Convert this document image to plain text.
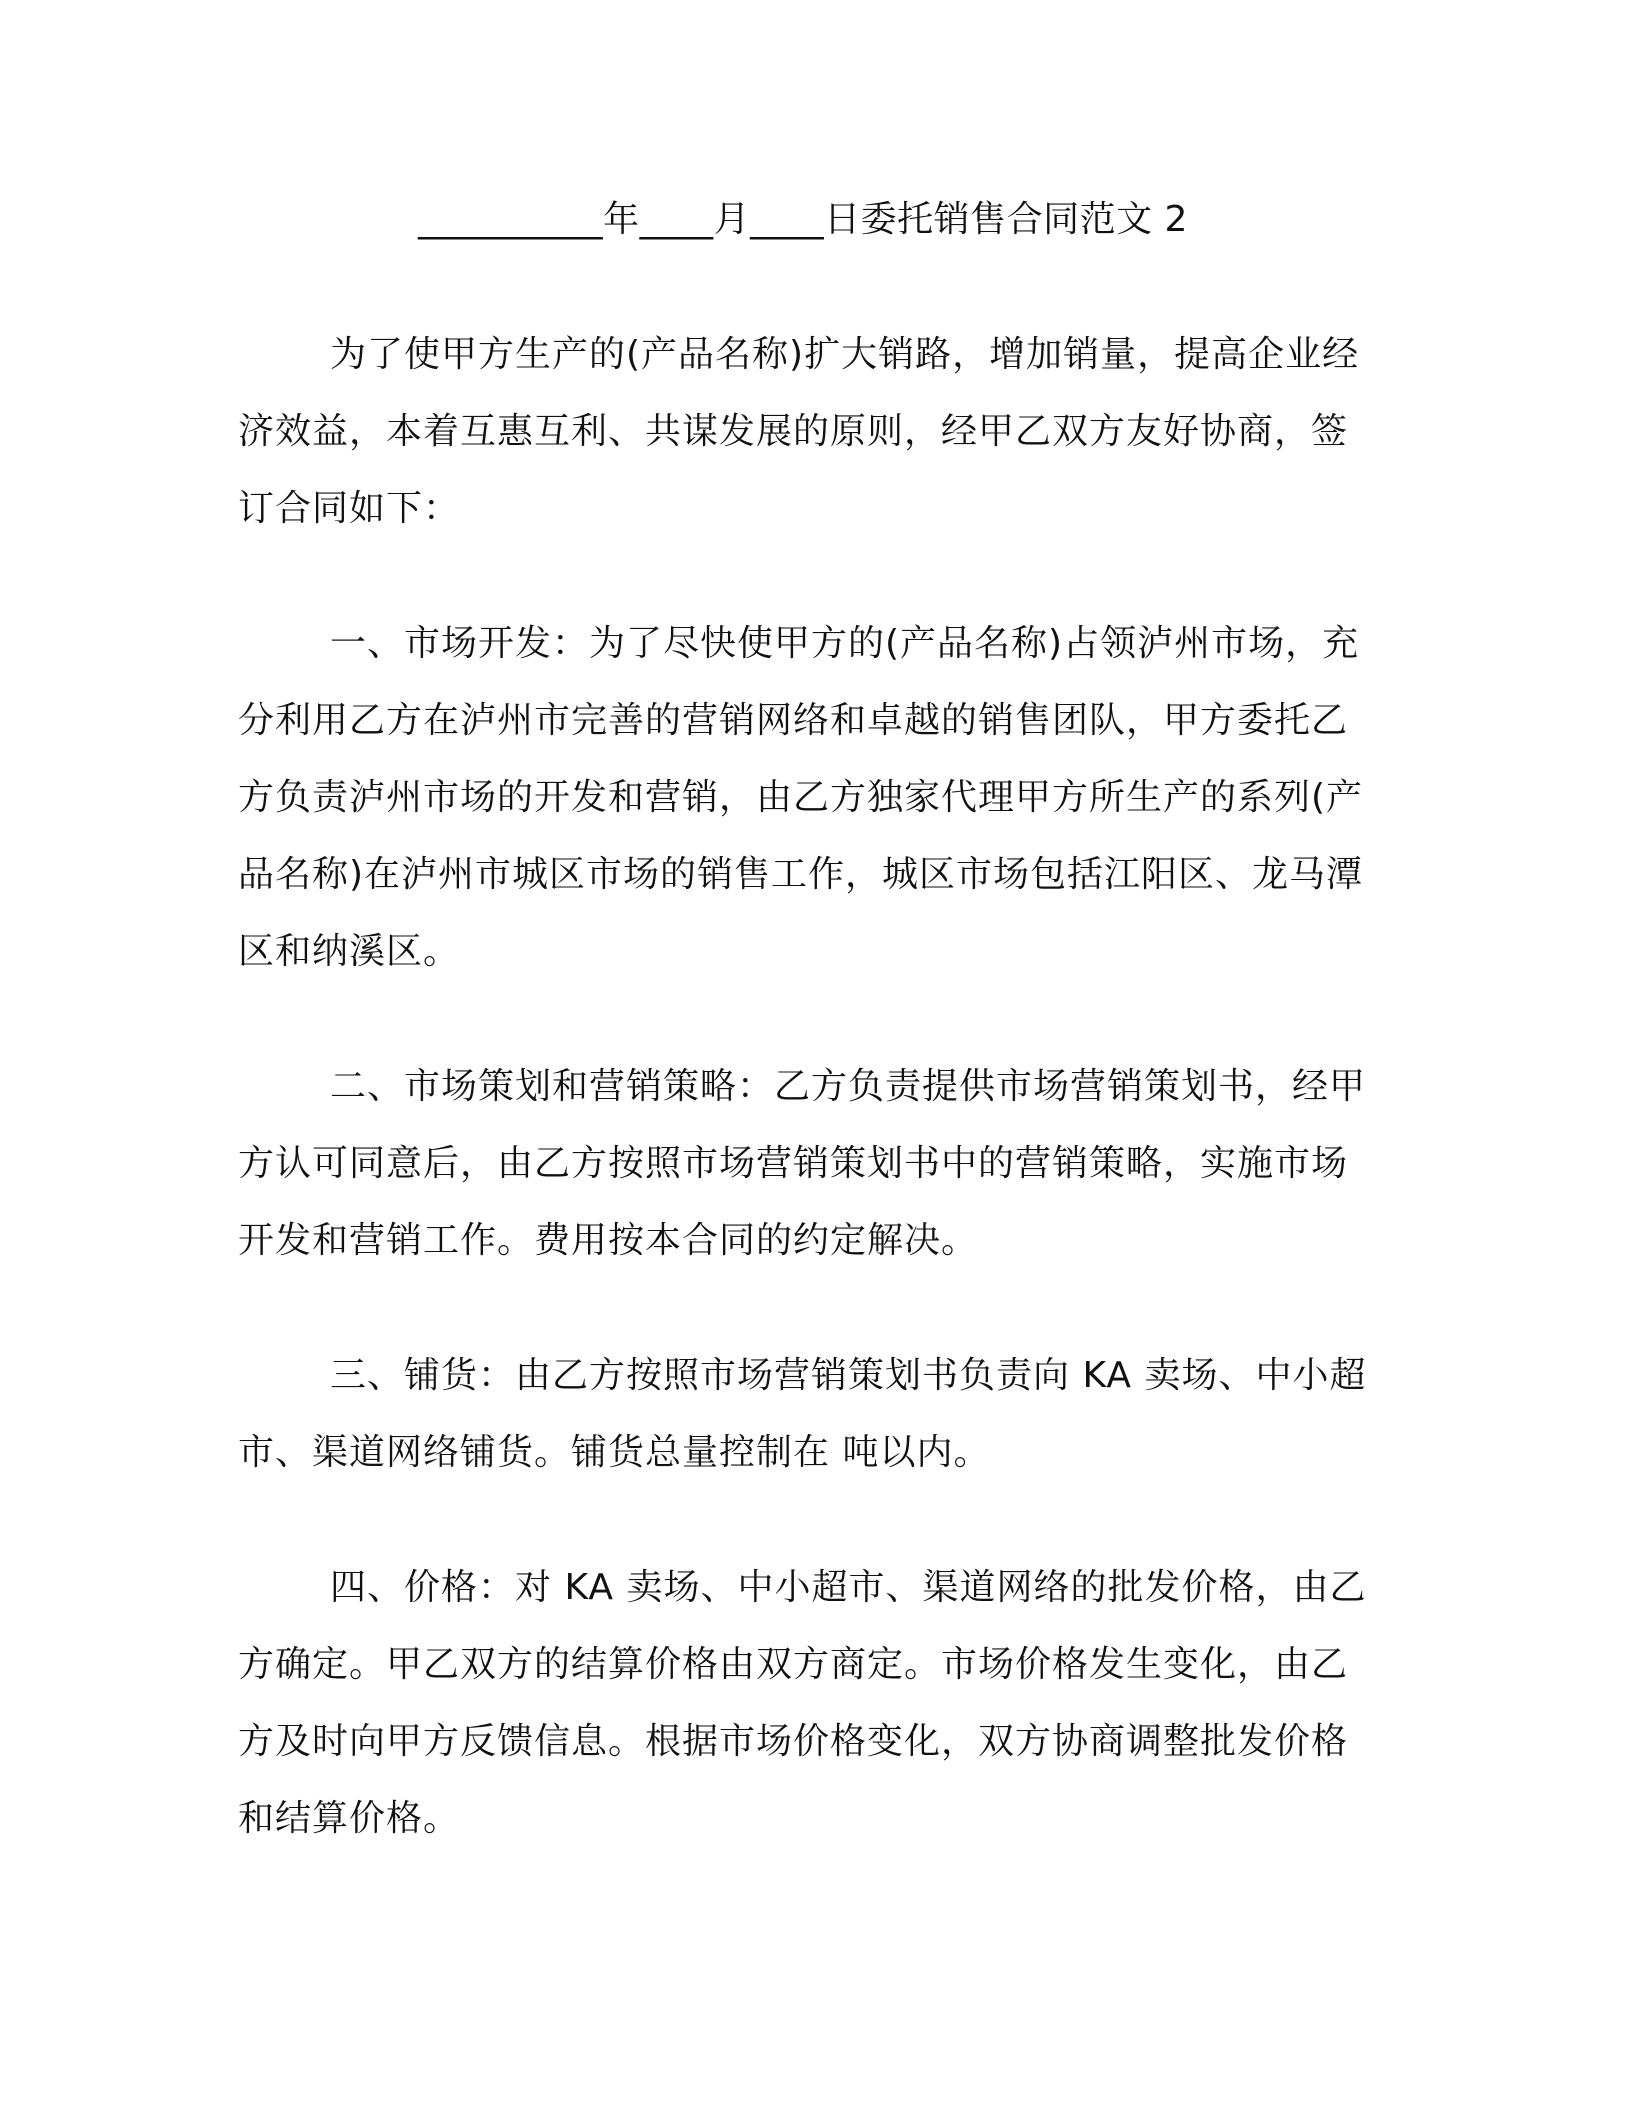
__________年____月____日委托销售合同范文 2

为了使甲方生产的(产品名称)扩大销路，增加销量，提高企业经济效益，本着互惠互利、共谋发展的原则，经甲乙双方友好协商，签订合同如下：

一、市场开发：为了尽快使甲方的(产品名称)占领泸州市场，充分利用乙方在泸州市完善的营销网络和卓越的销售团队，甲方委托乙方负责泸州市场的开发和营销，由乙方独家代理甲方所生产的系列(产品名称)在泸州市城区市场的销售工作，城区市场包括江阳区、龙马潭区和纳溪区。

二、市场策划和营销策略：乙方负责提供市场营销策划书，经甲方认可同意后，由乙方按照市场营销策划书中的营销策略，实施市场开发和营销工作。费用按本合同的约定解决。

三、铺货：由乙方按照市场营销策划书负责向 KA 卖场、中小超市、渠道网络铺货。铺货总量控制在 吨以内。

四、价格：对 KA 卖场、中小超市、渠道网络的批发价格，由乙方确定。甲乙双方的结算价格由双方商定。市场价格发生变化，由乙方及时向甲方反馈信息。根据市场价格变化，双方协商调整批发价格和结算价格。
